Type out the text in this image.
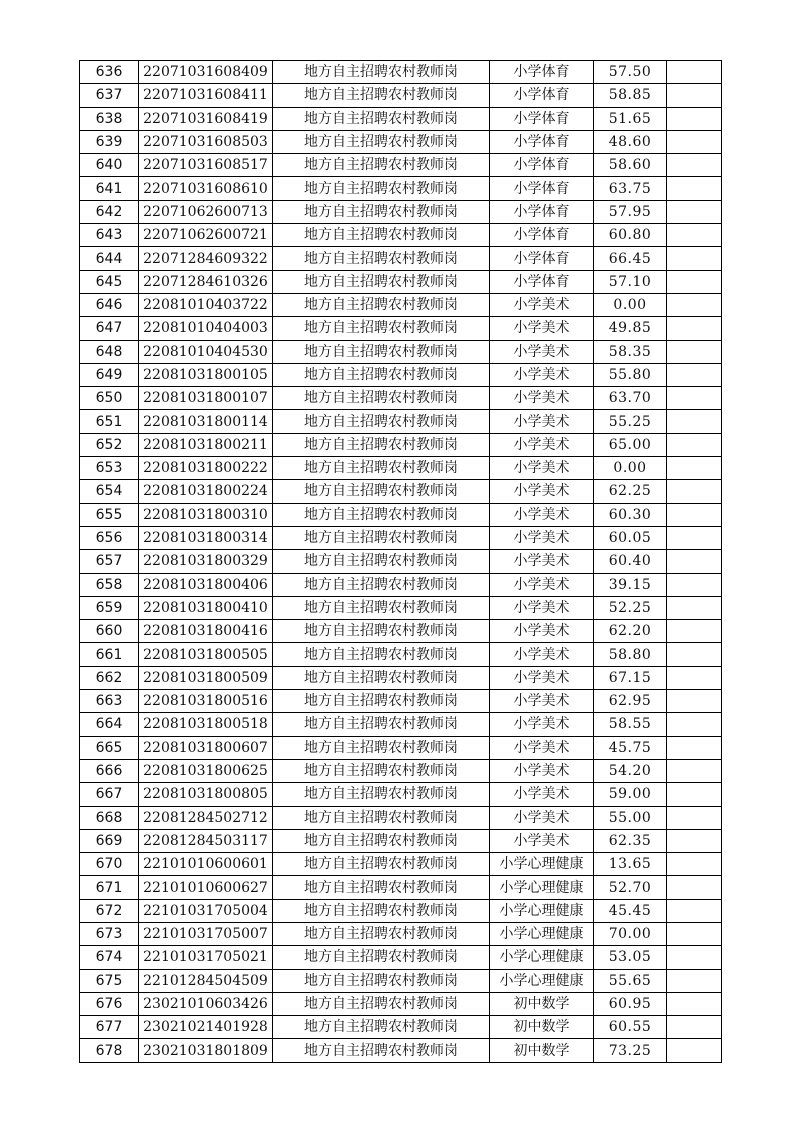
636	22071031608409	地方自主招聘农村教师岗	小学体育	57.50	
637	22071031608411	地方自主招聘农村教师岗	小学体育	58.85	
638	22071031608419	地方自主招聘农村教师岗	小学体育	51.65	
639	22071031608503	地方自主招聘农村教师岗	小学体育	48.60	
640	22071031608517	地方自主招聘农村教师岗	小学体育	58.60	
641	22071031608610	地方自主招聘农村教师岗	小学体育	63.75	
642	22071062600713	地方自主招聘农村教师岗	小学体育	57.95	
643	22071062600721	地方自主招聘农村教师岗	小学体育	60.80	
644	22071284609322	地方自主招聘农村教师岗	小学体育	66.45	
645	22071284610326	地方自主招聘农村教师岗	小学体育	57.10	
646	22081010403722	地方自主招聘农村教师岗	小学美术	0.00	
647	22081010404003	地方自主招聘农村教师岗	小学美术	49.85	
648	22081010404530	地方自主招聘农村教师岗	小学美术	58.35	
649	22081031800105	地方自主招聘农村教师岗	小学美术	55.80	
650	22081031800107	地方自主招聘农村教师岗	小学美术	63.70	
651	22081031800114	地方自主招聘农村教师岗	小学美术	55.25	
652	22081031800211	地方自主招聘农村教师岗	小学美术	65.00	
653	22081031800222	地方自主招聘农村教师岗	小学美术	0.00	
654	22081031800224	地方自主招聘农村教师岗	小学美术	62.25	
655	22081031800310	地方自主招聘农村教师岗	小学美术	60.30	
656	22081031800314	地方自主招聘农村教师岗	小学美术	60.05	
657	22081031800329	地方自主招聘农村教师岗	小学美术	60.40	
658	22081031800406	地方自主招聘农村教师岗	小学美术	39.15	
659	22081031800410	地方自主招聘农村教师岗	小学美术	52.25	
660	22081031800416	地方自主招聘农村教师岗	小学美术	62.20	
661	22081031800505	地方自主招聘农村教师岗	小学美术	58.80	
662	22081031800509	地方自主招聘农村教师岗	小学美术	67.15	
663	22081031800516	地方自主招聘农村教师岗	小学美术	62.95	
664	22081031800518	地方自主招聘农村教师岗	小学美术	58.55	
665	22081031800607	地方自主招聘农村教师岗	小学美术	45.75	
666	22081031800625	地方自主招聘农村教师岗	小学美术	54.20	
667	22081031800805	地方自主招聘农村教师岗	小学美术	59.00	
668	22081284502712	地方自主招聘农村教师岗	小学美术	55.00	
669	22081284503117	地方自主招聘农村教师岗	小学美术	62.35	
670	22101010600601	地方自主招聘农村教师岗	小学心理健康	13.65	
671	22101010600627	地方自主招聘农村教师岗	小学心理健康	52.70	
672	22101031705004	地方自主招聘农村教师岗	小学心理健康	45.45	
673	22101031705007	地方自主招聘农村教师岗	小学心理健康	70.00	
674	22101031705021	地方自主招聘农村教师岗	小学心理健康	53.05	
675	22101284504509	地方自主招聘农村教师岗	小学心理健康	55.65	
676	23021010603426	地方自主招聘农村教师岗	初中数学	60.95	
677	23021021401928	地方自主招聘农村教师岗	初中数学	60.55	
678	23021031801809	地方自主招聘农村教师岗	初中数学	73.25	
